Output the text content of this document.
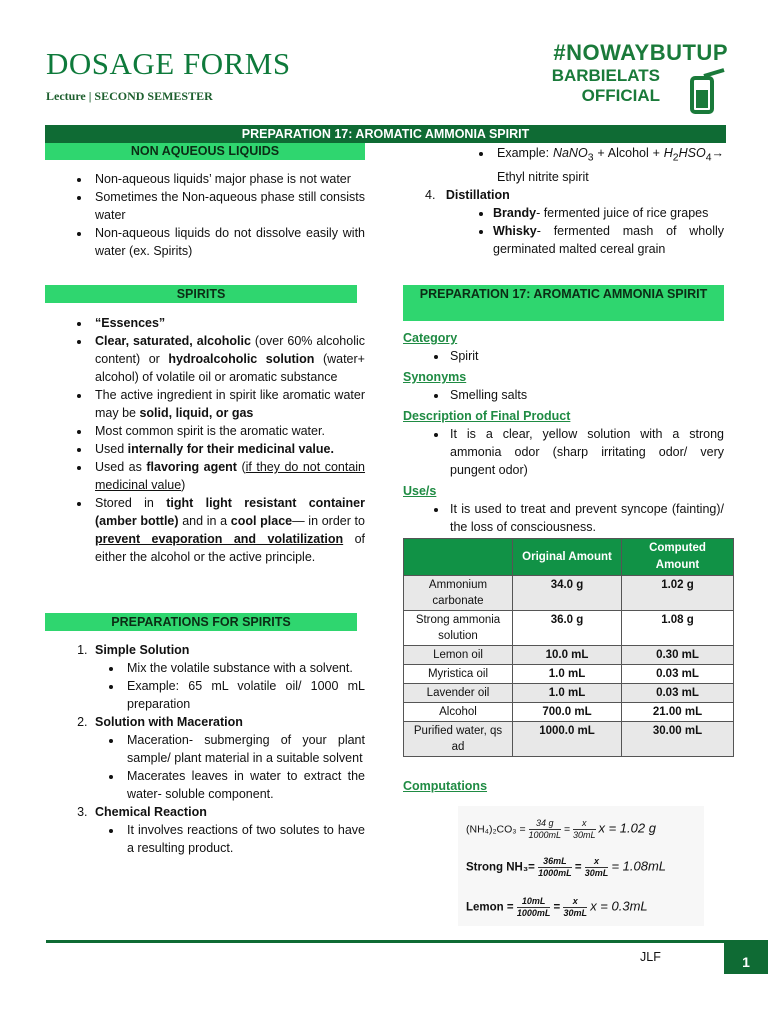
DOSAGE FORMS
Lecture | SECOND SEMESTER
#NOWAYBUTUP
BARBIELATS
OFFICIAL
PREPARATION 17: AROMATIC AMMONIA SPIRIT
NON AQUEOUS LIQUIDS
• Non-aqueous liquids’ major phase is not water
• Sometimes the Non-aqueous phase still consists water
• Non-aqueous liquids do not dissolve easily with water (ex. Spirits)
SPIRITS
• “Essences”
• Clear, saturated, alcoholic (over 60% alcoholic content) or hydroalcoholic solution (water+ alcohol) of volatile oil or aromatic substance
• The active ingredient in spirit like aromatic water may be solid, liquid, or gas
• Most common spirit is the aromatic water.
• Used internally for their medicinal value.
• Used as flavoring agent (if they do not contain medicinal value)
• Stored in tight light resistant container (amber bottle) and in a cool place— in order to prevent evaporation and volatilization of either the alcohol or the active principle.
PREPARATIONS FOR SPIRITS
1. Simple Solution
• Mix the volatile substance with a solvent.
• Example: 65 mL volatile oil/ 1000 mL preparation
2. Solution with Maceration
• Maceration- submerging of your plant sample/ plant material in a suitable solvent
• Macerates leaves in water to extract the water- soluble component.
3. Chemical Reaction
• It involves reactions of two solutes to have a resulting product.
• Example: NaNO$_3$ + Alcohol + $H_2HSO_4\to$ Ethyl nitrite spirit
4.   Distillation
• Brandy- fermented juice of rice grapes
• Whisky- fermented mash of wholly germinated malted cereal grain
PREPARATION 17: AROMATIC AMMONIA SPIRIT
Category
• Spirit
Synonyms
• Smelling salts
Description of Final Product
• It is a clear, yellow solution with a strong ammonia odor (sharp irritating odor/ very pungent odor)
Use/s
• It is used to treat and prevent syncope (fainting)/ the loss of consciousness.
	Original Amount	Computed Amount
Ammonium carbonate	34.0 g	1.02 g
Strong ammonia solution	36.0 g	1.08 g
Lemon oil	10.0 mL	0.30 mL
Myristica oil	1.0 mL	0.03 mL
Lavender oil	1.0 mL	0.03 mL
Alcohol	700.0 mL	21.00 mL
Purified water, qs ad	1000.0 mL	30.00 mL
Computations
$(NH_4)_2CO_3 = \frac{34 g}{1000mL} = \frac{x}{30mL}$ x = 1.02 g
Strong $NH_3= \frac{36mL}{1000mL} = \frac{x}{30mL} = 1.08mL$
Lemon = $\frac{10mL}{1000mL} = \frac{x}{30mL}$ x = 0.3mL
JLF	1
